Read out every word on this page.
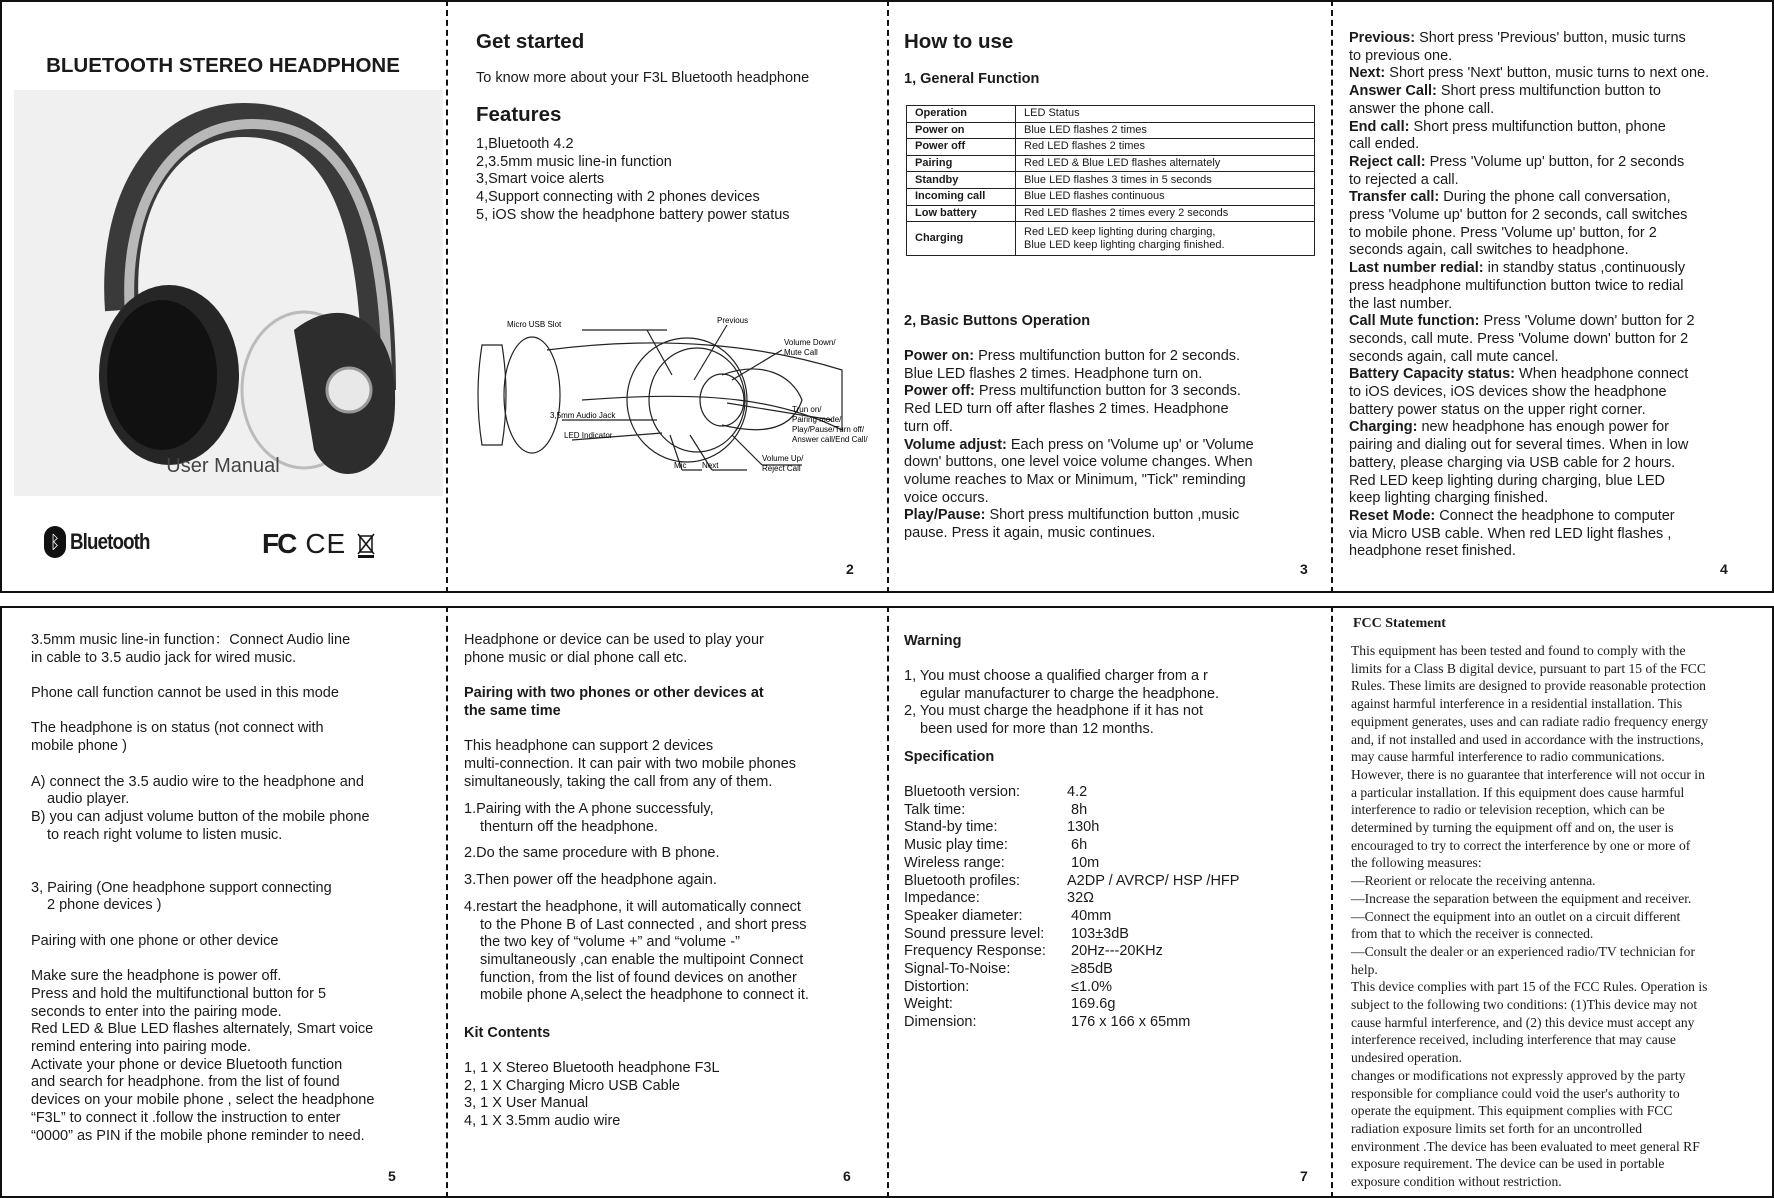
BLUETOOTH STEREO HEADPHONE
User Manual
ᛒ Bluetooth	FC CE
Get started
To know more about your F3L Bluetooth headphone
Features
1,Bluetooth 4.2
2,3.5mm music line-in function
3,Smart voice alerts
4,Support connecting with 2 phones devices
5, iOS show the headphone battery power status
Micro USB Slot	Previous
Volume Down/
Mute Call
3,5mm Audio Jack
LED Indicator
Trun on/
Pairing mode/
Play/Pause/Turn off/
Answer call/End Call/
Mic Next
Volume Up/
Reject Call
2
How to use
1, General Function
Operation	LED Status
Power on	Blue LED flashes 2 times
Power off	Red LED flashes 2 times
Pairing	Red LED & Blue LED flashes alternately
Standby	Blue LED flashes 3 times in 5 seconds
Incoming call	Blue LED flashes continuous
Low battery	Red LED flashes 2 times every 2 seconds
Charging	Red LED keep lighting during charging,
Blue LED keep lighting charging finished.
2, Basic Buttons Operation
Power on: Press multifunction button for 2 seconds.
Blue LED flashes 2 times. Headphone turn on.
Power off: Press multifunction button for 3 seconds.
Red LED turn off after flashes 2 times. Headphone
turn off.
Volume adjust: Each press on 'Volume up' or 'Volume
down' buttons, one level voice volume changes. When
volume reaches to Max or Minimum, "Tick" reminding
voice occurs.
Play/Pause: Short press multifunction button ,music
pause. Press it again, music continues.
3
Previous: Short press 'Previous' button, music turns
to previous one.
Next: Short press 'Next' button, music turns to next one.
Answer Call: Short press multifunction button to
answer the phone call.
End call: Short press multifunction button, phone
call ended.
Reject call: Press 'Volume up' button, for 2 seconds
to rejected a call.
Transfer call: During the phone call conversation,
press 'Volume up' button for 2 seconds, call switches
to mobile phone. Press 'Volume up' button, for 2
seconds again, call switches to headphone.
Last number redial: in standby status ,continuously
press headphone multifunction button twice to redial
the last number.
Call Mute function: Press 'Volume down' button for 2
seconds, call mute. Press 'Volume down' button for 2
seconds again, call mute cancel.
Battery Capacity status: When headphone connect
to iOS devices, iOS devices show the headphone
battery power status on the upper right corner.
Charging: new headphone has enough power for
pairing and dialing out for several times. When in low
battery, please charging via USB cable for 2 hours.
Red LED keep lighting during charging, blue LED
keep lighting charging finished.
Reset Mode: Connect the headphone to computer
via Micro USB cable. When red LED light flashes ,
headphone reset finished.
4
3.5mm music line-in function：Connect Audio line
in cable to 3.5 audio jack for wired music.
Phone call function cannot be used in this mode
The headphone is on status (not connect with
mobile phone )
A) connect the 3.5 audio wire to the headphone and
audio player.
B) you can adjust volume button of the mobile phone
to reach right volume to listen music.
3, Pairing (One headphone support connecting
2 phone devices )
Pairing with one phone or other device
Make sure the headphone is power off.
Press and hold the multifunctional button for 5
seconds to enter into the pairing mode.
Red LED & Blue LED flashes alternately, Smart voice
remind entering into pairing mode.
Activate your phone or device Bluetooth function
and search for headphone. from the list of found
devices on your mobile phone , select the headphone
“F3L” to connect it .follow the instruction to enter
“0000” as PIN if the mobile phone reminder to need.
5
Headphone or device can be used to play your
phone music or dial phone call etc.
Pairing with two phones or other devices at
the same time
This headphone can support 2 devices
multi-connection. It can pair with two mobile phones
simultaneously, taking the call from any of them.
1.Pairing with the A phone successfuly,
thenturn off the headphone.
2.Do the same procedure with B phone.
3.Then power off the headphone again.
4.restart the headphone, it will automatically connect
to the Phone B of Last connected , and short press
the two key of “volume +” and “volume -”
simultaneously ,can enable the multipoint Connect
function, from the list of found devices on another
mobile phone A,select the headphone to connect it.
Kit Contents
1, 1 X Stereo Bluetooth headphone F3L
2, 1 X Charging Micro USB Cable
3, 1 X User Manual
4, 1 X 3.5mm audio wire
6
Warning
1, You must choose a qualified charger from a r
egular manufacturer to charge the headphone.
2, You must charge the headphone if it has not
been used for more than 12 months.
Specification
Bluetooth version:	4.2
Talk time:	8h
Stand-by time:	130h
Music play time:	6h
Wireless range:	10m
Bluetooth profiles:	A2DP / AVRCP/ HSP /HFP
Impedance:	32Ω
Speaker diameter:	40mm
Sound pressure level:	103±3dB
Frequency Response:	20Hz---20KHz
Signal-To-Noise:	≥85dB
Distortion:	≤1.0%
Weight:	169.6g
Dimension:	176 x 166 x 65mm
7
FCC Statement
This equipment has been tested and found to comply with the
limits for a Class B digital device, pursuant to part 15 of the FCC
Rules. These limits are designed to provide reasonable protection
against harmful interference in a residential installation. This
equipment generates, uses and can radiate radio frequency energy
and, if not installed and used in accordance with the instructions,
may cause harmful interference to radio communications.
However, there is no guarantee that interference will not occur in
a particular installation. If this equipment does cause harmful
interference to radio or television reception, which can be
determined by turning the equipment off and on, the user is
encouraged to try to correct the interference by one or more of
the following measures:
—Reorient or relocate the receiving antenna.
—Increase the separation between the equipment and receiver.
—Connect the equipment into an outlet on a circuit different
from that to which the receiver is connected.
—Consult the dealer or an experienced radio/TV technician for
help.
This device complies with part 15 of the FCC Rules. Operation is
subject to the following two conditions: (1)This device may not
cause harmful interference, and (2) this device must accept any
interference received, including interference that may cause
undesired operation.
changes or modifications not expressly approved by the party
responsible for compliance could void the user's authority to
operate the equipment. This equipment complies with FCC
radiation exposure limits set forth for an uncontrolled
environment .The device has been evaluated to meet general RF
exposure requirement. The device can be used in portable
exposure condition without restriction.
